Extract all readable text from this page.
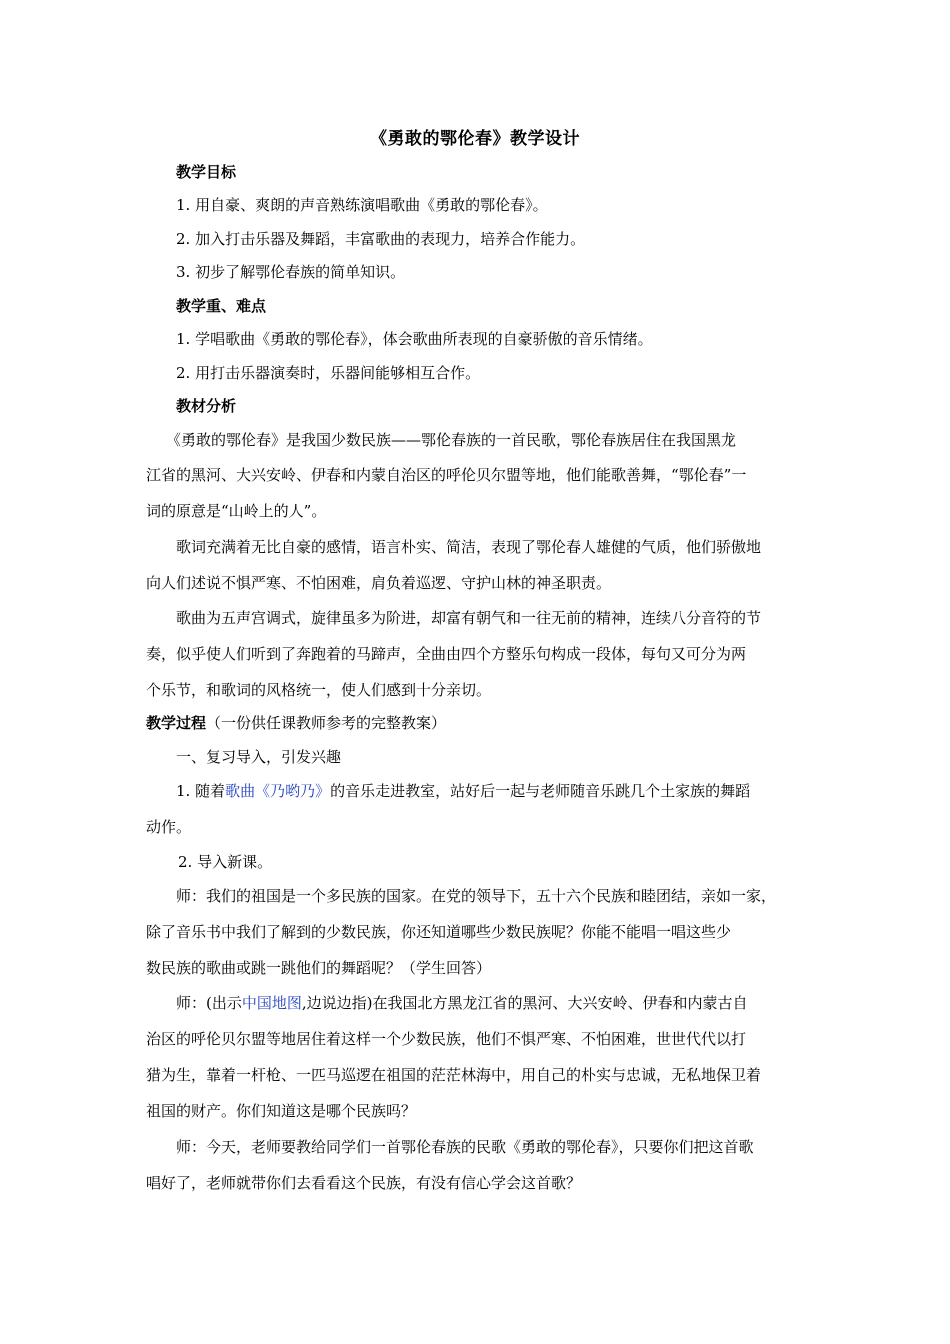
《勇敢的鄂伦春》教学设计
教学目标
1. 用自豪、爽朗的声音熟练演唱歌曲《勇敢的鄂伦春》。
2. 加入打击乐器及舞蹈，丰富歌曲的表现力，培养合作能力。
3. 初步了解鄂伦春族的简单知识。
教学重、难点
1. 学唱歌曲《勇敢的鄂伦春》，体会歌曲所表现的自豪骄傲的音乐情绪。
2. 用打击乐器演奏时，乐器间能够相互合作。
教材分析
《勇敢的鄂伦春》是我国少数民族——鄂伦春族的一首民歌，鄂伦春族居住在我国黑龙
江省的黑河、大兴安岭、伊春和内蒙自治区的呼伦贝尔盟等地，他们能歌善舞，“鄂伦春”一
词的原意是“山岭上的人”。
歌词充满着无比自豪的感情，语言朴实、简洁，表现了鄂伦春人雄健的气质，他们骄傲地
向人们述说不惧严寒、不怕困难，肩负着巡逻、守护山林的神圣职责。
歌曲为五声宫调式，旋律虽多为阶进，却富有朝气和一往无前的精神，连续八分音符的节
奏，似乎使人们听到了奔跑着的马蹄声，全曲由四个方整乐句构成一段体，每句又可分为两
个乐节，和歌词的风格统一，使人们感到十分亲切。
教学过程（一份供任课教师参考的完整教案）
一、复习导入，引发兴趣
1. 随着歌曲《乃哟乃》的音乐走进教室，站好后一起与老师随音乐跳几个土家族的舞蹈
动作。
2. 导入新课。
师：我们的祖国是一个多民族的国家。在党的领导下，五十六个民族和睦团结，亲如一家，
除了音乐书中我们了解到的少数民族，你还知道哪些少数民族呢？你能不能唱一唱这些少
数民族的歌曲或跳一跳他们的舞蹈呢？（学生回答）
师：(出示中国地图,边说边指)在我国北方黑龙江省的黑河、大兴安岭、伊春和内蒙古自
治区的呼伦贝尔盟等地居住着这样一个少数民族，他们不惧严寒、不怕困难，世世代代以打
猎为生，靠着一杆枪、一匹马巡逻在祖国的茫茫林海中，用自己的朴实与忠诚，无私地保卫着
祖国的财产。你们知道这是哪个民族吗？
师：今天，老师要教给同学们一首鄂伦春族的民歌《勇敢的鄂伦春》，只要你们把这首歌
唱好了，老师就带你们去看看这个民族，有没有信心学会这首歌？
